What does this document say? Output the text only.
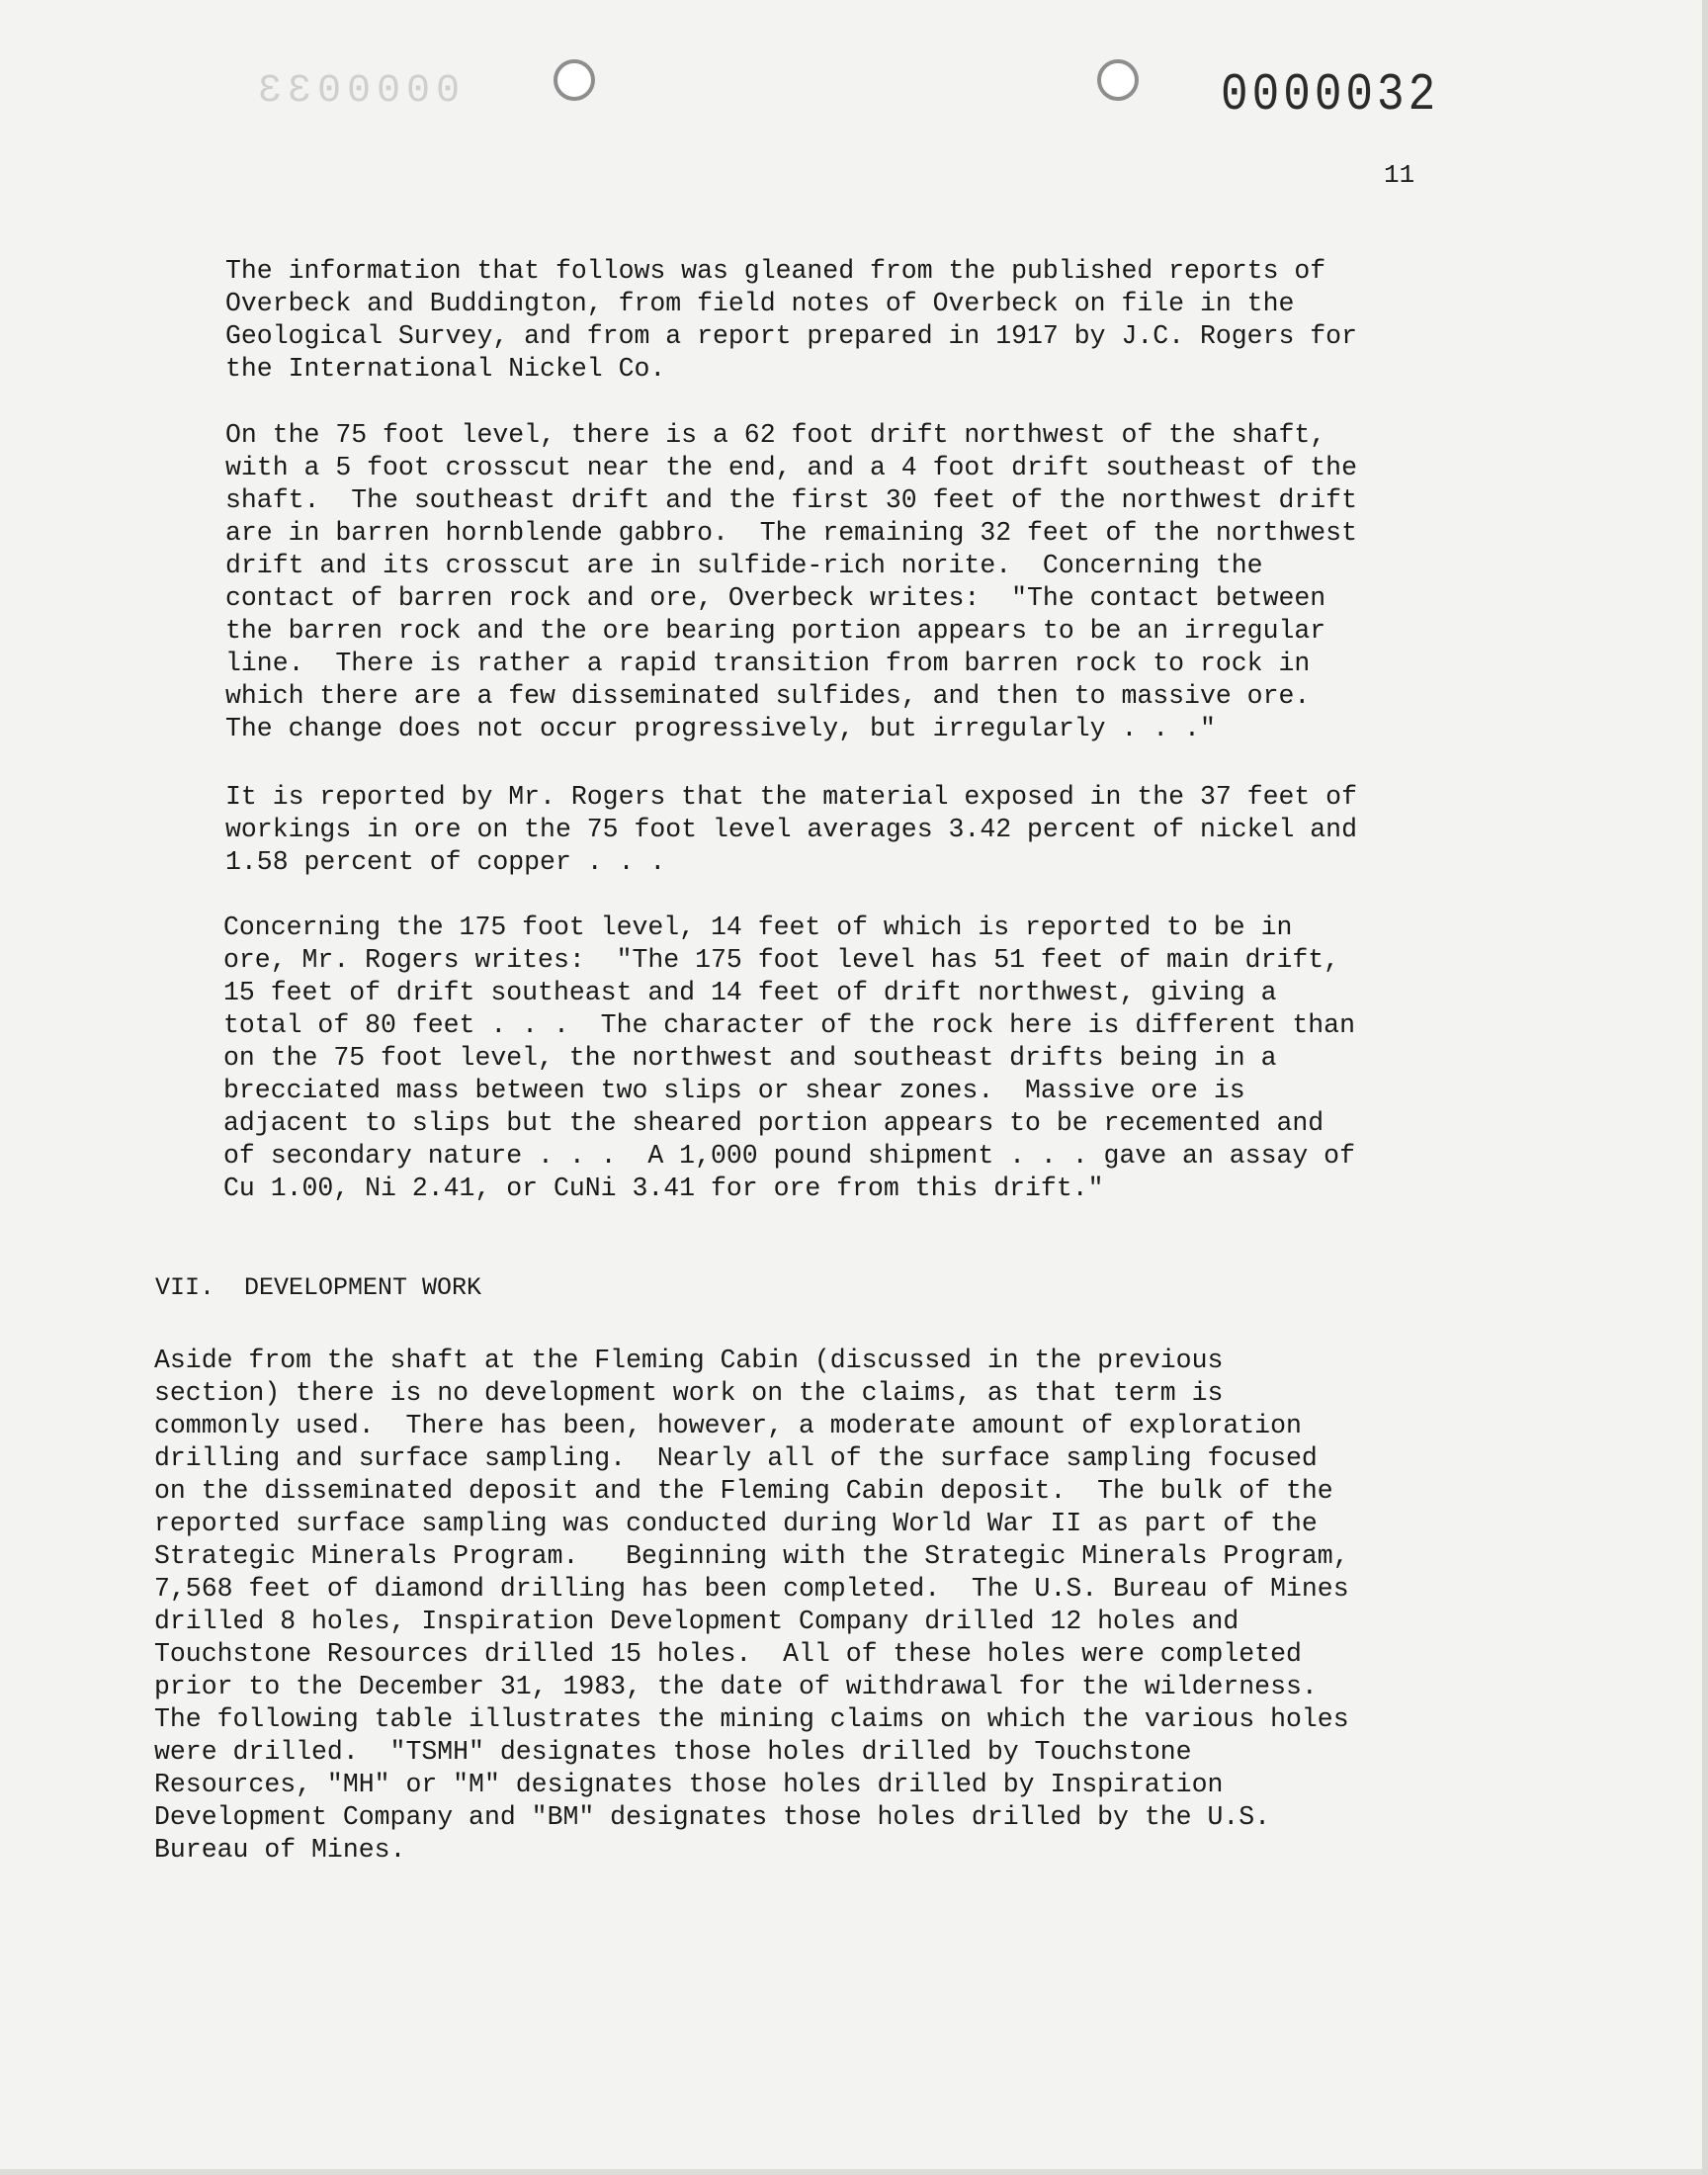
0000033	0000032
11

The information that follows was gleaned from the published reports of
Overbeck and Buddington, from field notes of Overbeck on file in the
Geological Survey, and from a report prepared in 1917 by J.C. Rogers for
the International Nickel Co.

On the 75 foot level, there is a 62 foot drift northwest of the shaft,
with a 5 foot crosscut near the end, and a 4 foot drift southeast of the
shaft.  The southeast drift and the first 30 feet of the northwest drift
are in barren hornblende gabbro.  The remaining 32 feet of the northwest
drift and its crosscut are in sulfide-rich norite.  Concerning the
contact of barren rock and ore, Overbeck writes:  "The contact between
the barren rock and the ore bearing portion appears to be an irregular
line.  There is rather a rapid transition from barren rock to rock in
which there are a few disseminated sulfides, and then to massive ore.
The change does not occur progressively, but irregularly . . ."

It is reported by Mr. Rogers that the material exposed in the 37 feet of
workings in ore on the 75 foot level averages 3.42 percent of nickel and
1.58 percent of copper . . .

Concerning the 175 foot level, 14 feet of which is reported to be in
ore, Mr. Rogers writes:  "The 175 foot level has 51 feet of main drift,
15 feet of drift southeast and 14 feet of drift northwest, giving a
total of 80 feet . . .  The character of the rock here is different than
on the 75 foot level, the northwest and southeast drifts being in a
brecciated mass between two slips or shear zones.  Massive ore is
adjacent to slips but the sheared portion appears to be recemented and
of secondary nature . . .  A 1,000 pound shipment . . . gave an assay of
Cu 1.00, Ni 2.41, or CuNi 3.41 for ore from this drift."

VII.  DEVELOPMENT WORK

Aside from the shaft at the Fleming Cabin (discussed in the previous
section) there is no development work on the claims, as that term is
commonly used.  There has been, however, a moderate amount of exploration
drilling and surface sampling.  Nearly all of the surface sampling focused
on the disseminated deposit and the Fleming Cabin deposit.  The bulk of the
reported surface sampling was conducted during World War II as part of the
Strategic Minerals Program.   Beginning with the Strategic Minerals Program,
7,568 feet of diamond drilling has been completed.  The U.S. Bureau of Mines
drilled 8 holes, Inspiration Development Company drilled 12 holes and
Touchstone Resources drilled 15 holes.  All of these holes were completed
prior to the December 31, 1983, the date of withdrawal for the wilderness.
The following table illustrates the mining claims on which the various holes
were drilled.  "TSMH" designates those holes drilled by Touchstone
Resources, "MH" or "M" designates those holes drilled by Inspiration
Development Company and "BM" designates those holes drilled by the U.S.
Bureau of Mines.
